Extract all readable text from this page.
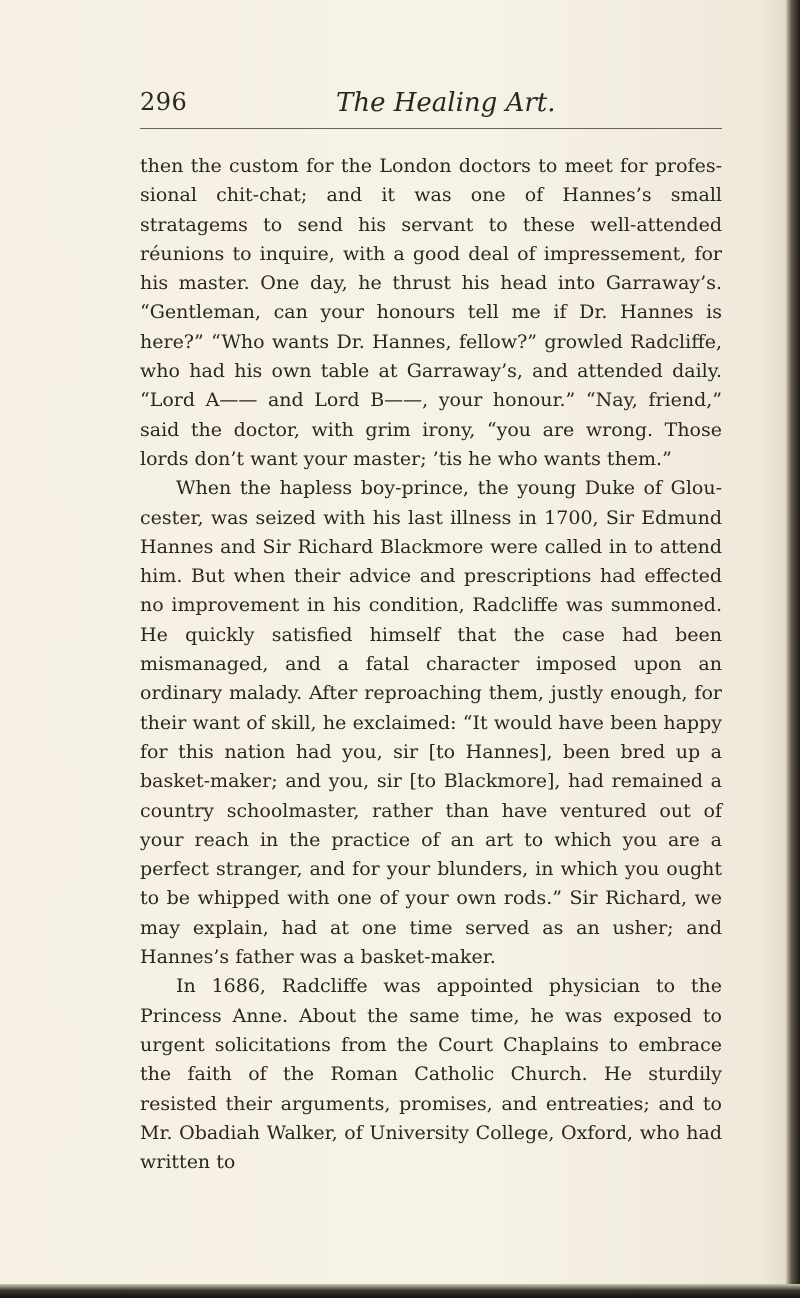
296	The Healing Art.

then the custom for the London doctors to meet for profes-sional chit-chat; and it was one of Hannes’s small stratagems to send his servant to these well-attended réunions to inquire, with a good deal of impressement, for his master. One day, he thrust his head into Garraway’s. “Gentleman, can your honours tell me if Dr. Hannes is here?” “Who wants Dr. Hannes, fellow?” growled Radcliffe, who had his own table at Garraway’s, and attended daily. “Lord A—— and Lord B——, your honour.” “Nay, friend,” said the doctor, with grim irony, “you are wrong. Those lords don’t want your master; ’tis he who wants them.”

When the hapless boy-prince, the young Duke of Glou-cester, was seized with his last illness in 1700, Sir Edmund Hannes and Sir Richard Blackmore were called in to attend him. But when their advice and prescriptions had effected no improvement in his condition, Radcliffe was summoned. He quickly satisfied himself that the case had been mismanaged, and a fatal character imposed upon an ordinary malady. After reproaching them, justly enough, for their want of skill, he exclaimed: “It would have been happy for this nation had you, sir [to Hannes], been bred up a basket-maker; and you, sir [to Blackmore], had remained a country schoolmaster, rather than have ventured out of your reach in the practice of an art to which you are a perfect stranger, and for your blunders, in which you ought to be whipped with one of your own rods.” Sir Richard, we may explain, had at one time served as an usher; and Hannes’s father was a basket-maker.

In 1686, Radcliffe was appointed physician to the Princess Anne. About the same time, he was exposed to urgent solicitations from the Court Chaplains to embrace the faith of the Roman Catholic Church. He sturdily resisted their arguments, promises, and entreaties; and to Mr. Obadiah Walker, of University College, Oxford, who had written to
